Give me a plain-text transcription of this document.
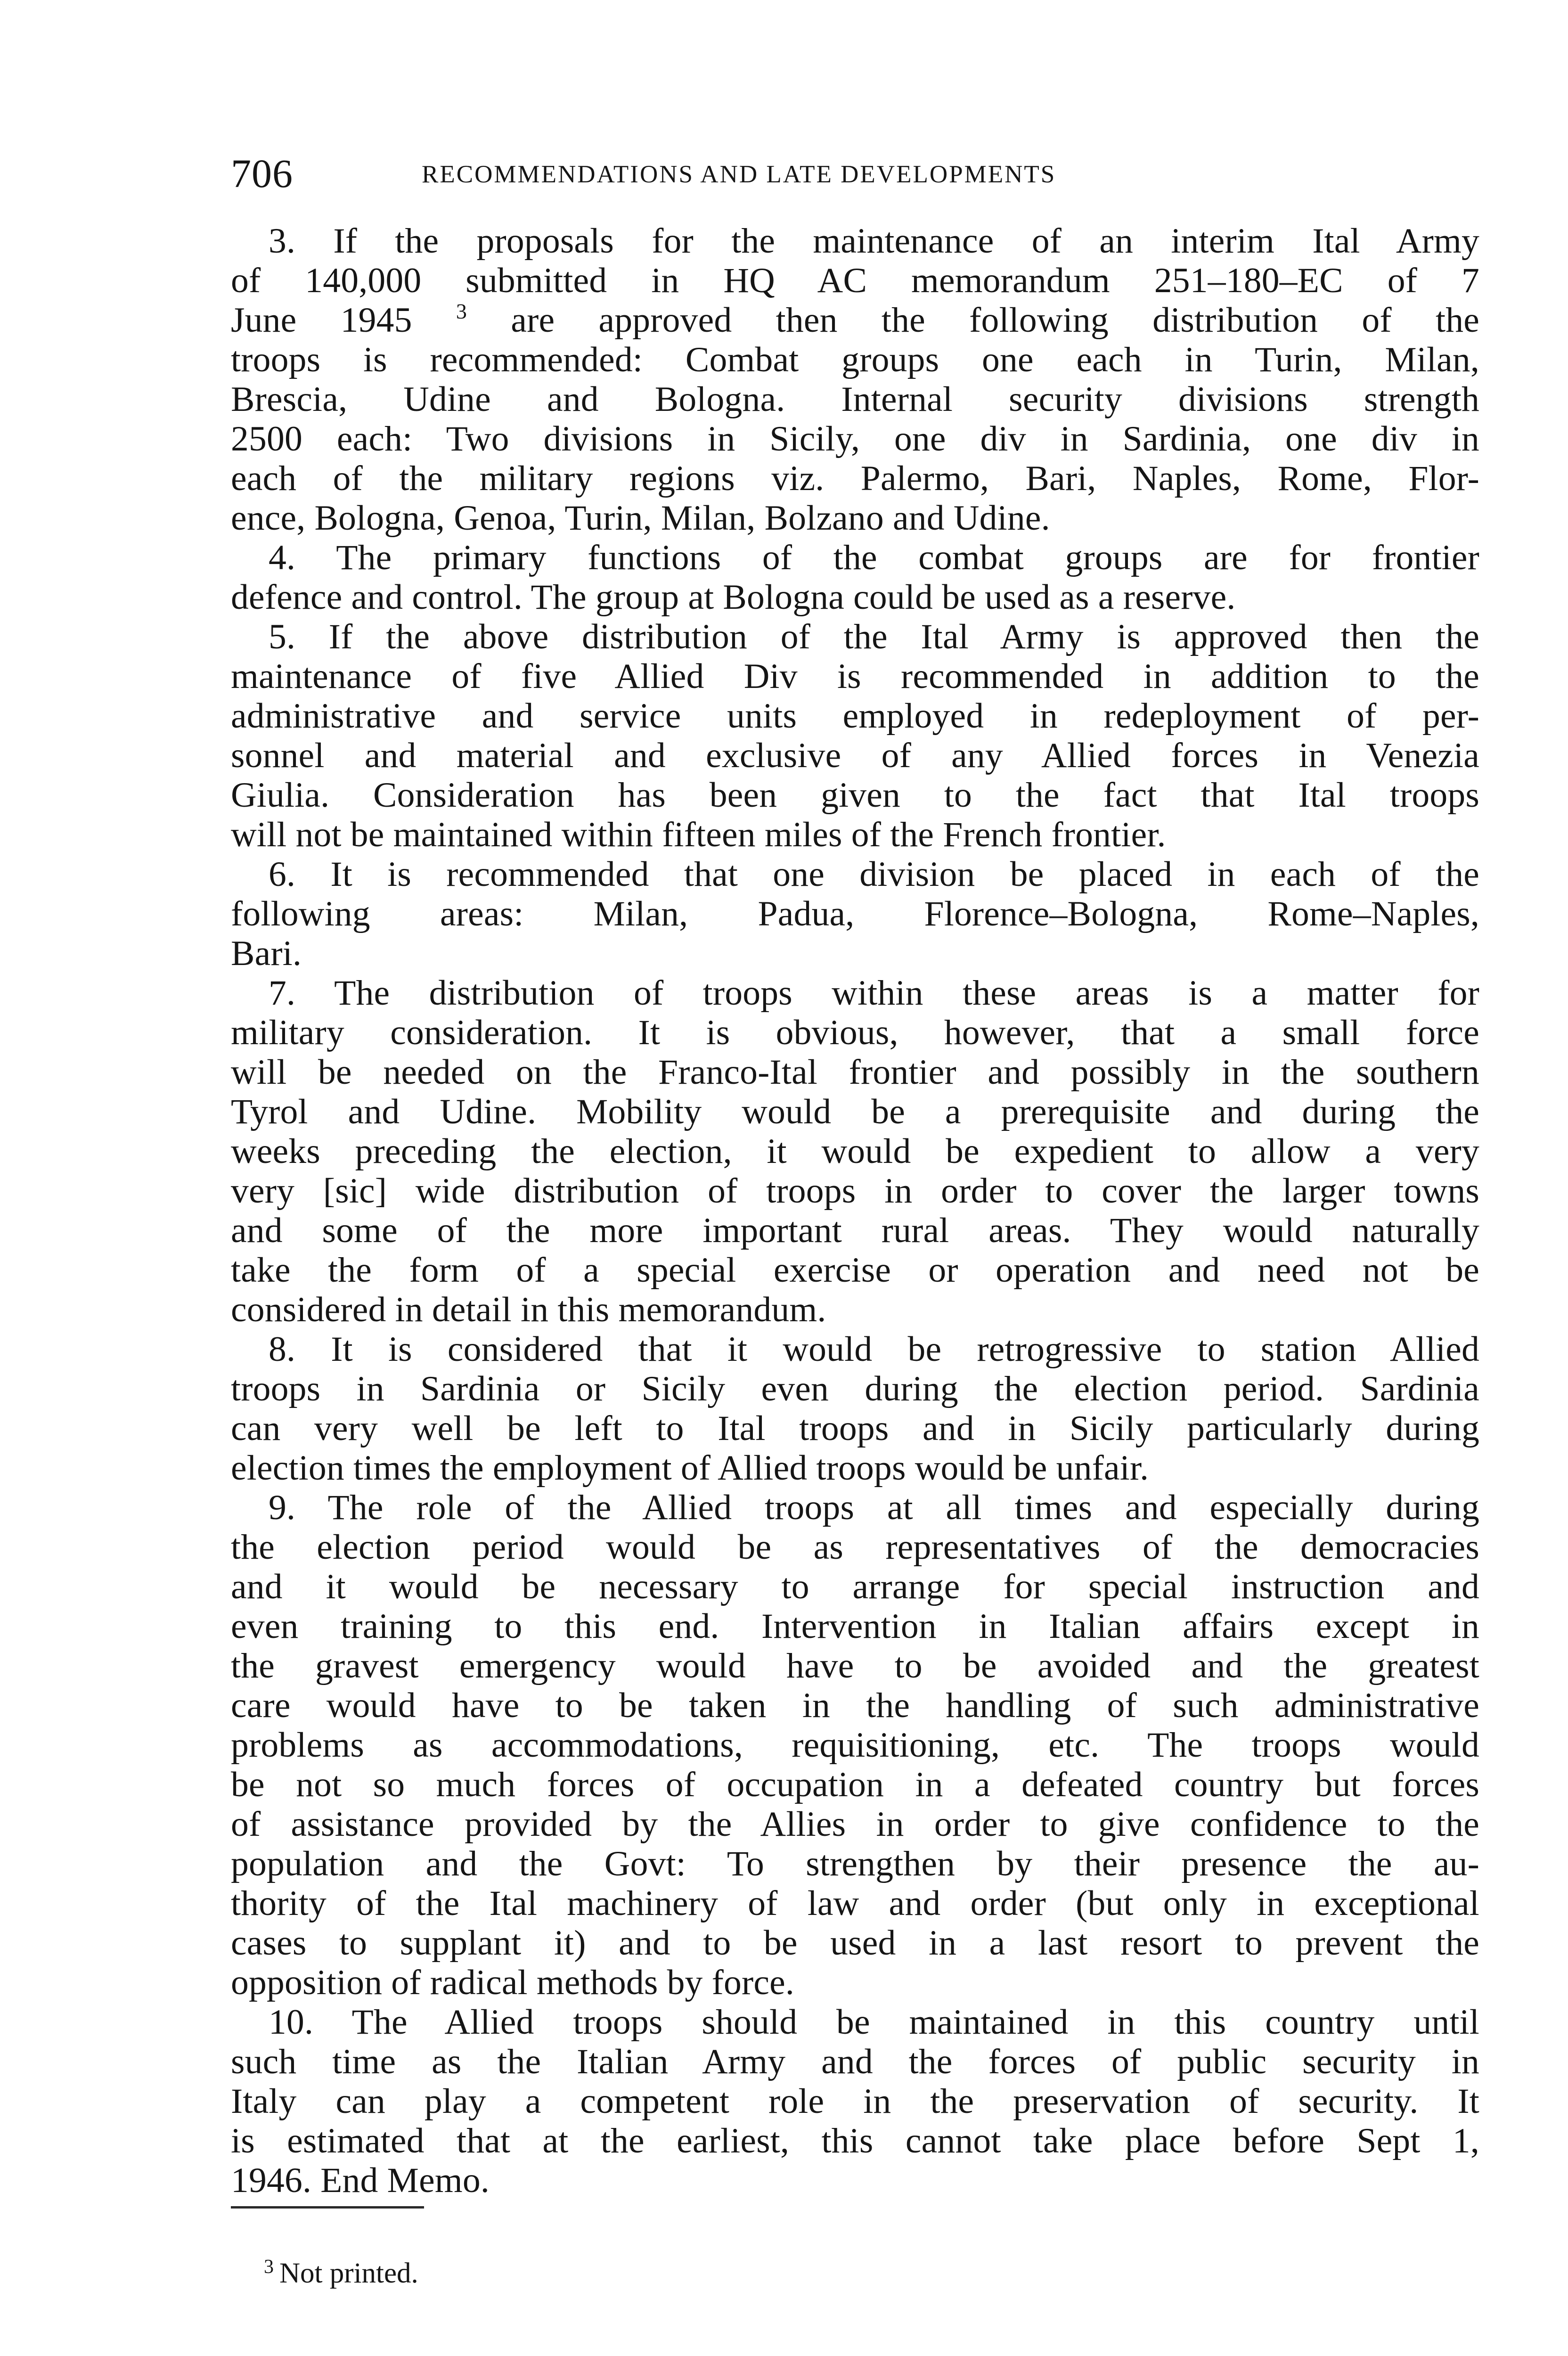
706	RECOMMENDATIONS AND LATE DEVELOPMENTS
3. If the proposals for the maintenance of an interim Ital Army
of 140,000 submitted in HQ AC memorandum 251–180–EC of 7
June 1945 $^3$ are approved then the following distribution of the
troops is recommended: Combat groups one each in Turin, Milan,
Brescia, Udine and Bologna. Internal security divisions strength
2500 each: Two divisions in Sicily, one div in Sardinia, one div in
each of the military regions viz. Palermo, Bari, Naples, Rome, Flor-
ence, Bologna, Genoa, Turin, Milan, Bolzano and Udine.
4. The primary functions of the combat groups are for frontier
defence and control. The group at Bologna could be used as a reserve.
5. If the above distribution of the Ital Army is approved then the
maintenance of five Allied Div is recommended in addition to the
administrative and service units employed in redeployment of per-
sonnel and material and exclusive of any Allied forces in Venezia
Giulia. Consideration has been given to the fact that Ital troops
will not be maintained within fifteen miles of the French frontier.
6. It is recommended that one division be placed in each of the
following areas: Milan, Padua, Florence–Bologna, Rome–Naples,
Bari.
7. The distribution of troops within these areas is a matter for
military consideration. It is obvious, however, that a small force
will be needed on the Franco-Ital frontier and possibly in the southern
Tyrol and Udine. Mobility would be a prerequisite and during the
weeks preceding the election, it would be expedient to allow a very
very [sic] wide distribution of troops in order to cover the larger towns
and some of the more important rural areas. They would naturally
take the form of a special exercise or operation and need not be
considered in detail in this memorandum.
8. It is considered that it would be retrogressive to station Allied
troops in Sardinia or Sicily even during the election period. Sardinia
can very well be left to Ital troops and in Sicily particularly during
election times the employment of Allied troops would be unfair.
9. The role of the Allied troops at all times and especially during
the election period would be as representatives of the democracies
and it would be necessary to arrange for special instruction and
even training to this end. Intervention in Italian affairs except in
the gravest emergency would have to be avoided and the greatest
care would have to be taken in the handling of such administrative
problems as accommodations, requisitioning, etc. The troops would
be not so much forces of occupation in a defeated country but forces
of assistance provided by the Allies in order to give confidence to the
population and the Govt: To strengthen by their presence the au-
thority of the Ital machinery of law and order (but only in exceptional
cases to supplant it) and to be used in a last resort to prevent the
opposition of radical methods by force.
10. The Allied troops should be maintained in this country until
such time as the Italian Army and the forces of public security in
Italy can play a competent role in the preservation of security. It
is estimated that at the earliest, this cannot take place before Sept 1,
1946. End Memo.
$^3$ Not printed.
